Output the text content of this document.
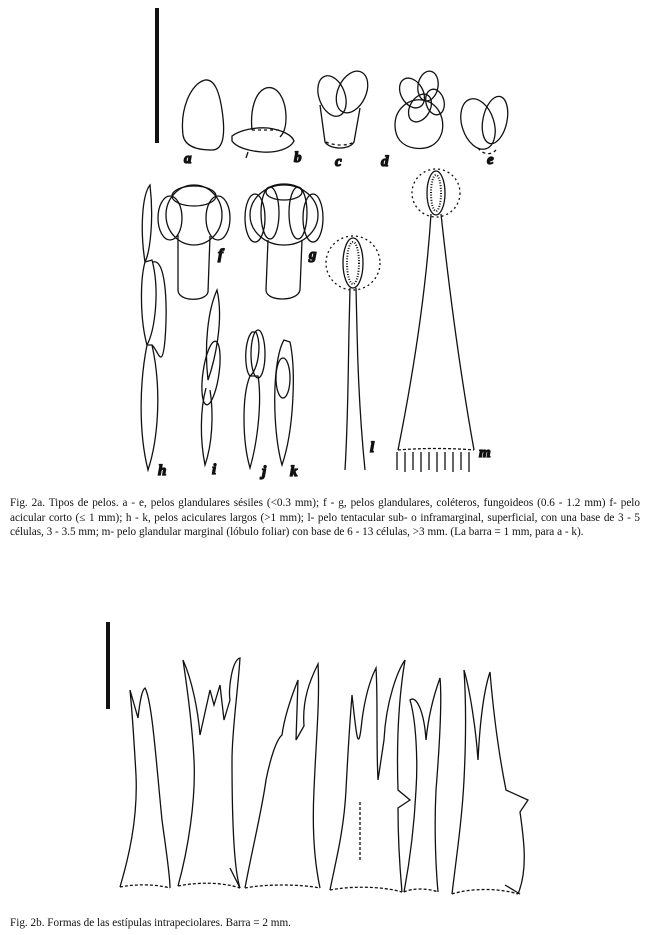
a	b c	d	e
f	g
h	i	j k
l	m
Fig. 2a. Tipos de pelos. a - e, pelos glandulares sésiles (<0.3 mm); f - g, pelos glandulares, coléteros, fungoideos (0.6 - 1.2 mm) f- pelo acicular corto (≤ 1 mm); h - k, pelos aciculares largos (>1 mm); l- pelo tentacular sub- o inframarginal, superficial, con una base de 3 - 5 células, 3 - 3.5 mm; m- pelo glandular marginal (lóbulo foliar) con base de 6 - 13 células, >3 mm. (La barra = 1 mm, para a - k).
Fig. 2b. Formas de las estípulas intrapeciolares. Barra = 2 mm.
